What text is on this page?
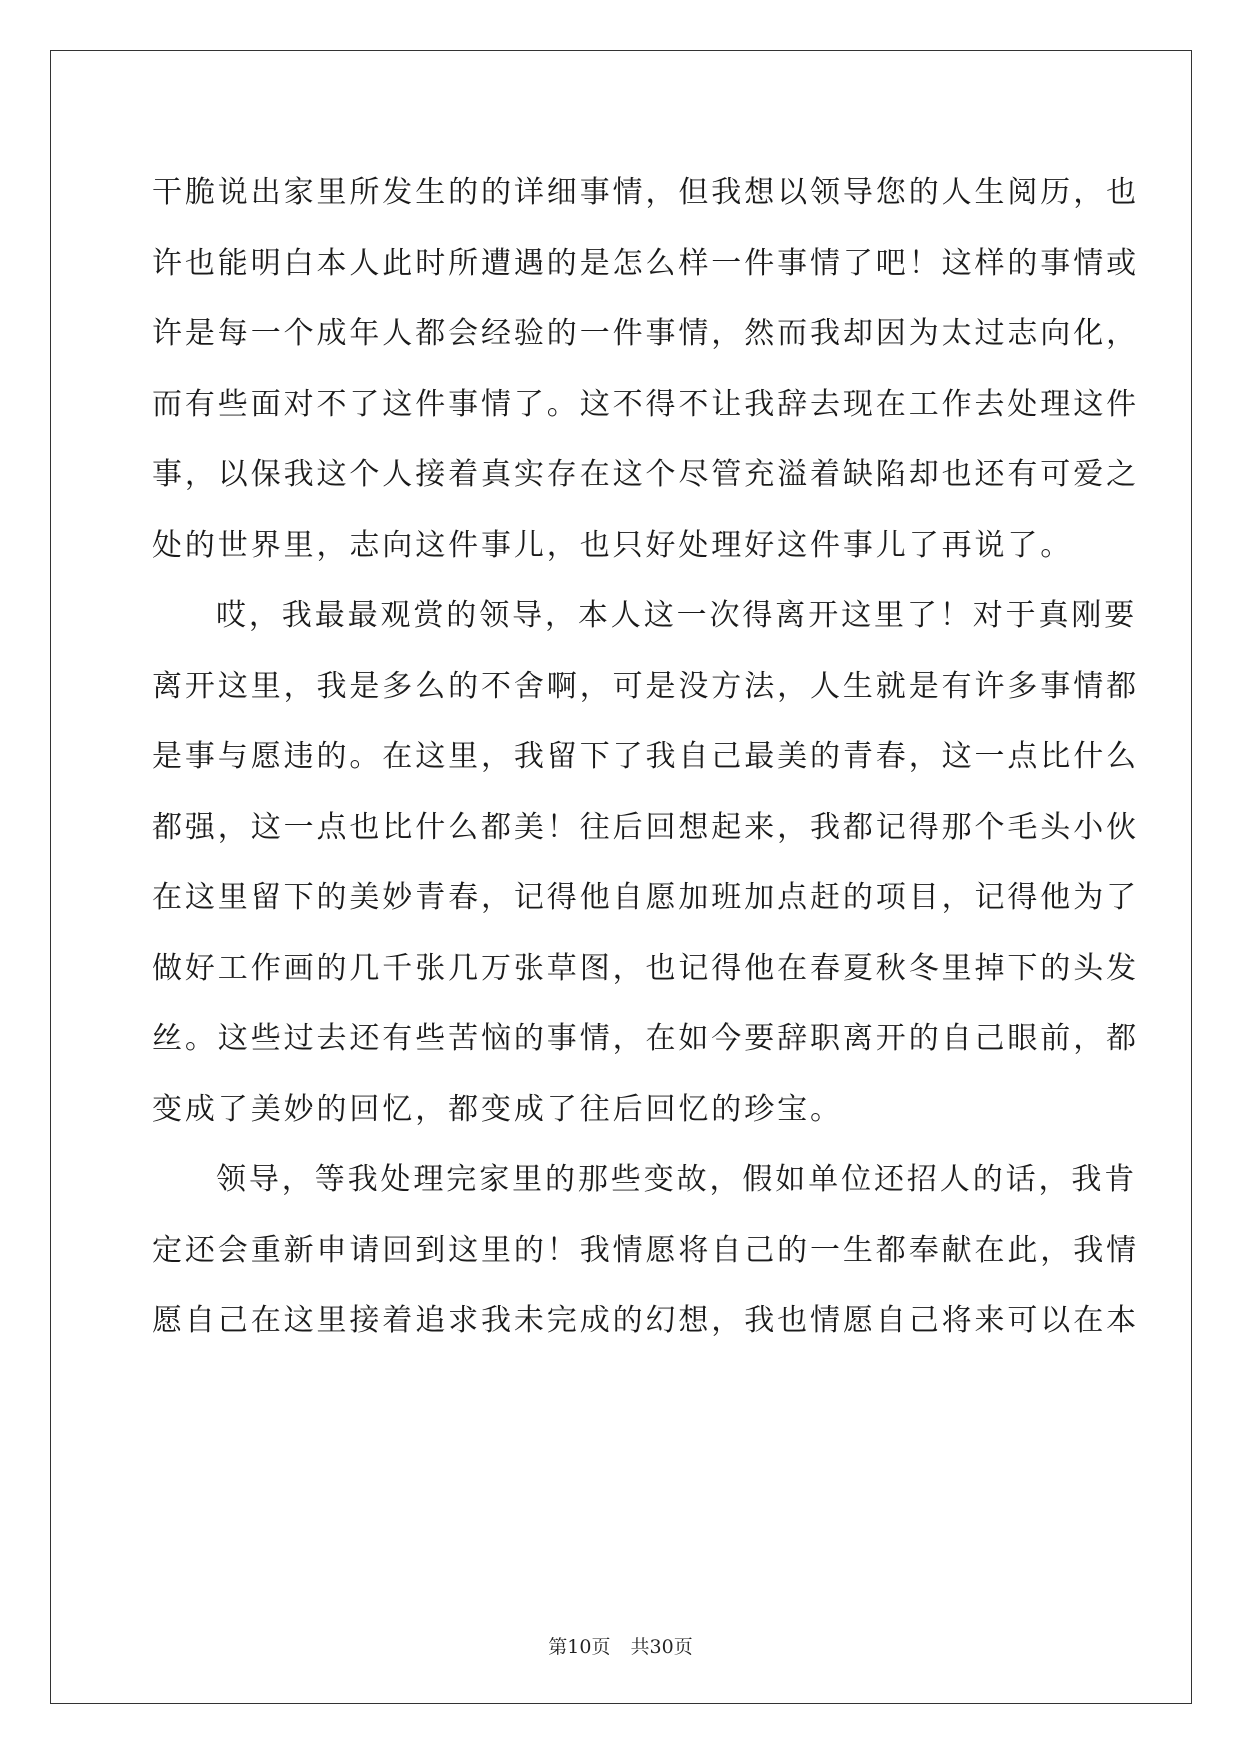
干脆说出家里所发生的的详细事情，但我想以领导您的人生阅历，也
许也能明白本人此时所遭遇的是怎么样一件事情了吧！这样的事情或
许是每一个成年人都会经验的一件事情，然而我却因为太过志向化，
而有些面对不了这件事情了。这不得不让我辞去现在工作去处理这件
事，以保我这个人接着真实存在这个尽管充溢着缺陷却也还有可爱之
处的世界里，志向这件事儿，也只好处理好这件事儿了再说了。
哎，我最最观赏的领导，本人这一次得离开这里了！对于真刚要
离开这里，我是多么的不舍啊，可是没方法，人生就是有许多事情都
是事与愿违的。在这里，我留下了我自己最美的青春，这一点比什么
都强，这一点也比什么都美！往后回想起来，我都记得那个毛头小伙
在这里留下的美妙青春，记得他自愿加班加点赶的项目，记得他为了
做好工作画的几千张几万张草图，也记得他在春夏秋冬里掉下的头发
丝。这些过去还有些苦恼的事情，在如今要辞职离开的自己眼前，都
变成了美妙的回忆，都变成了往后回忆的珍宝。
领导，等我处理完家里的那些变故，假如单位还招人的话，我肯
定还会重新申请回到这里的！我情愿将自己的一生都奉献在此，我情
愿自己在这里接着追求我未完成的幻想，我也情愿自己将来可以在本
第10页 共30页
